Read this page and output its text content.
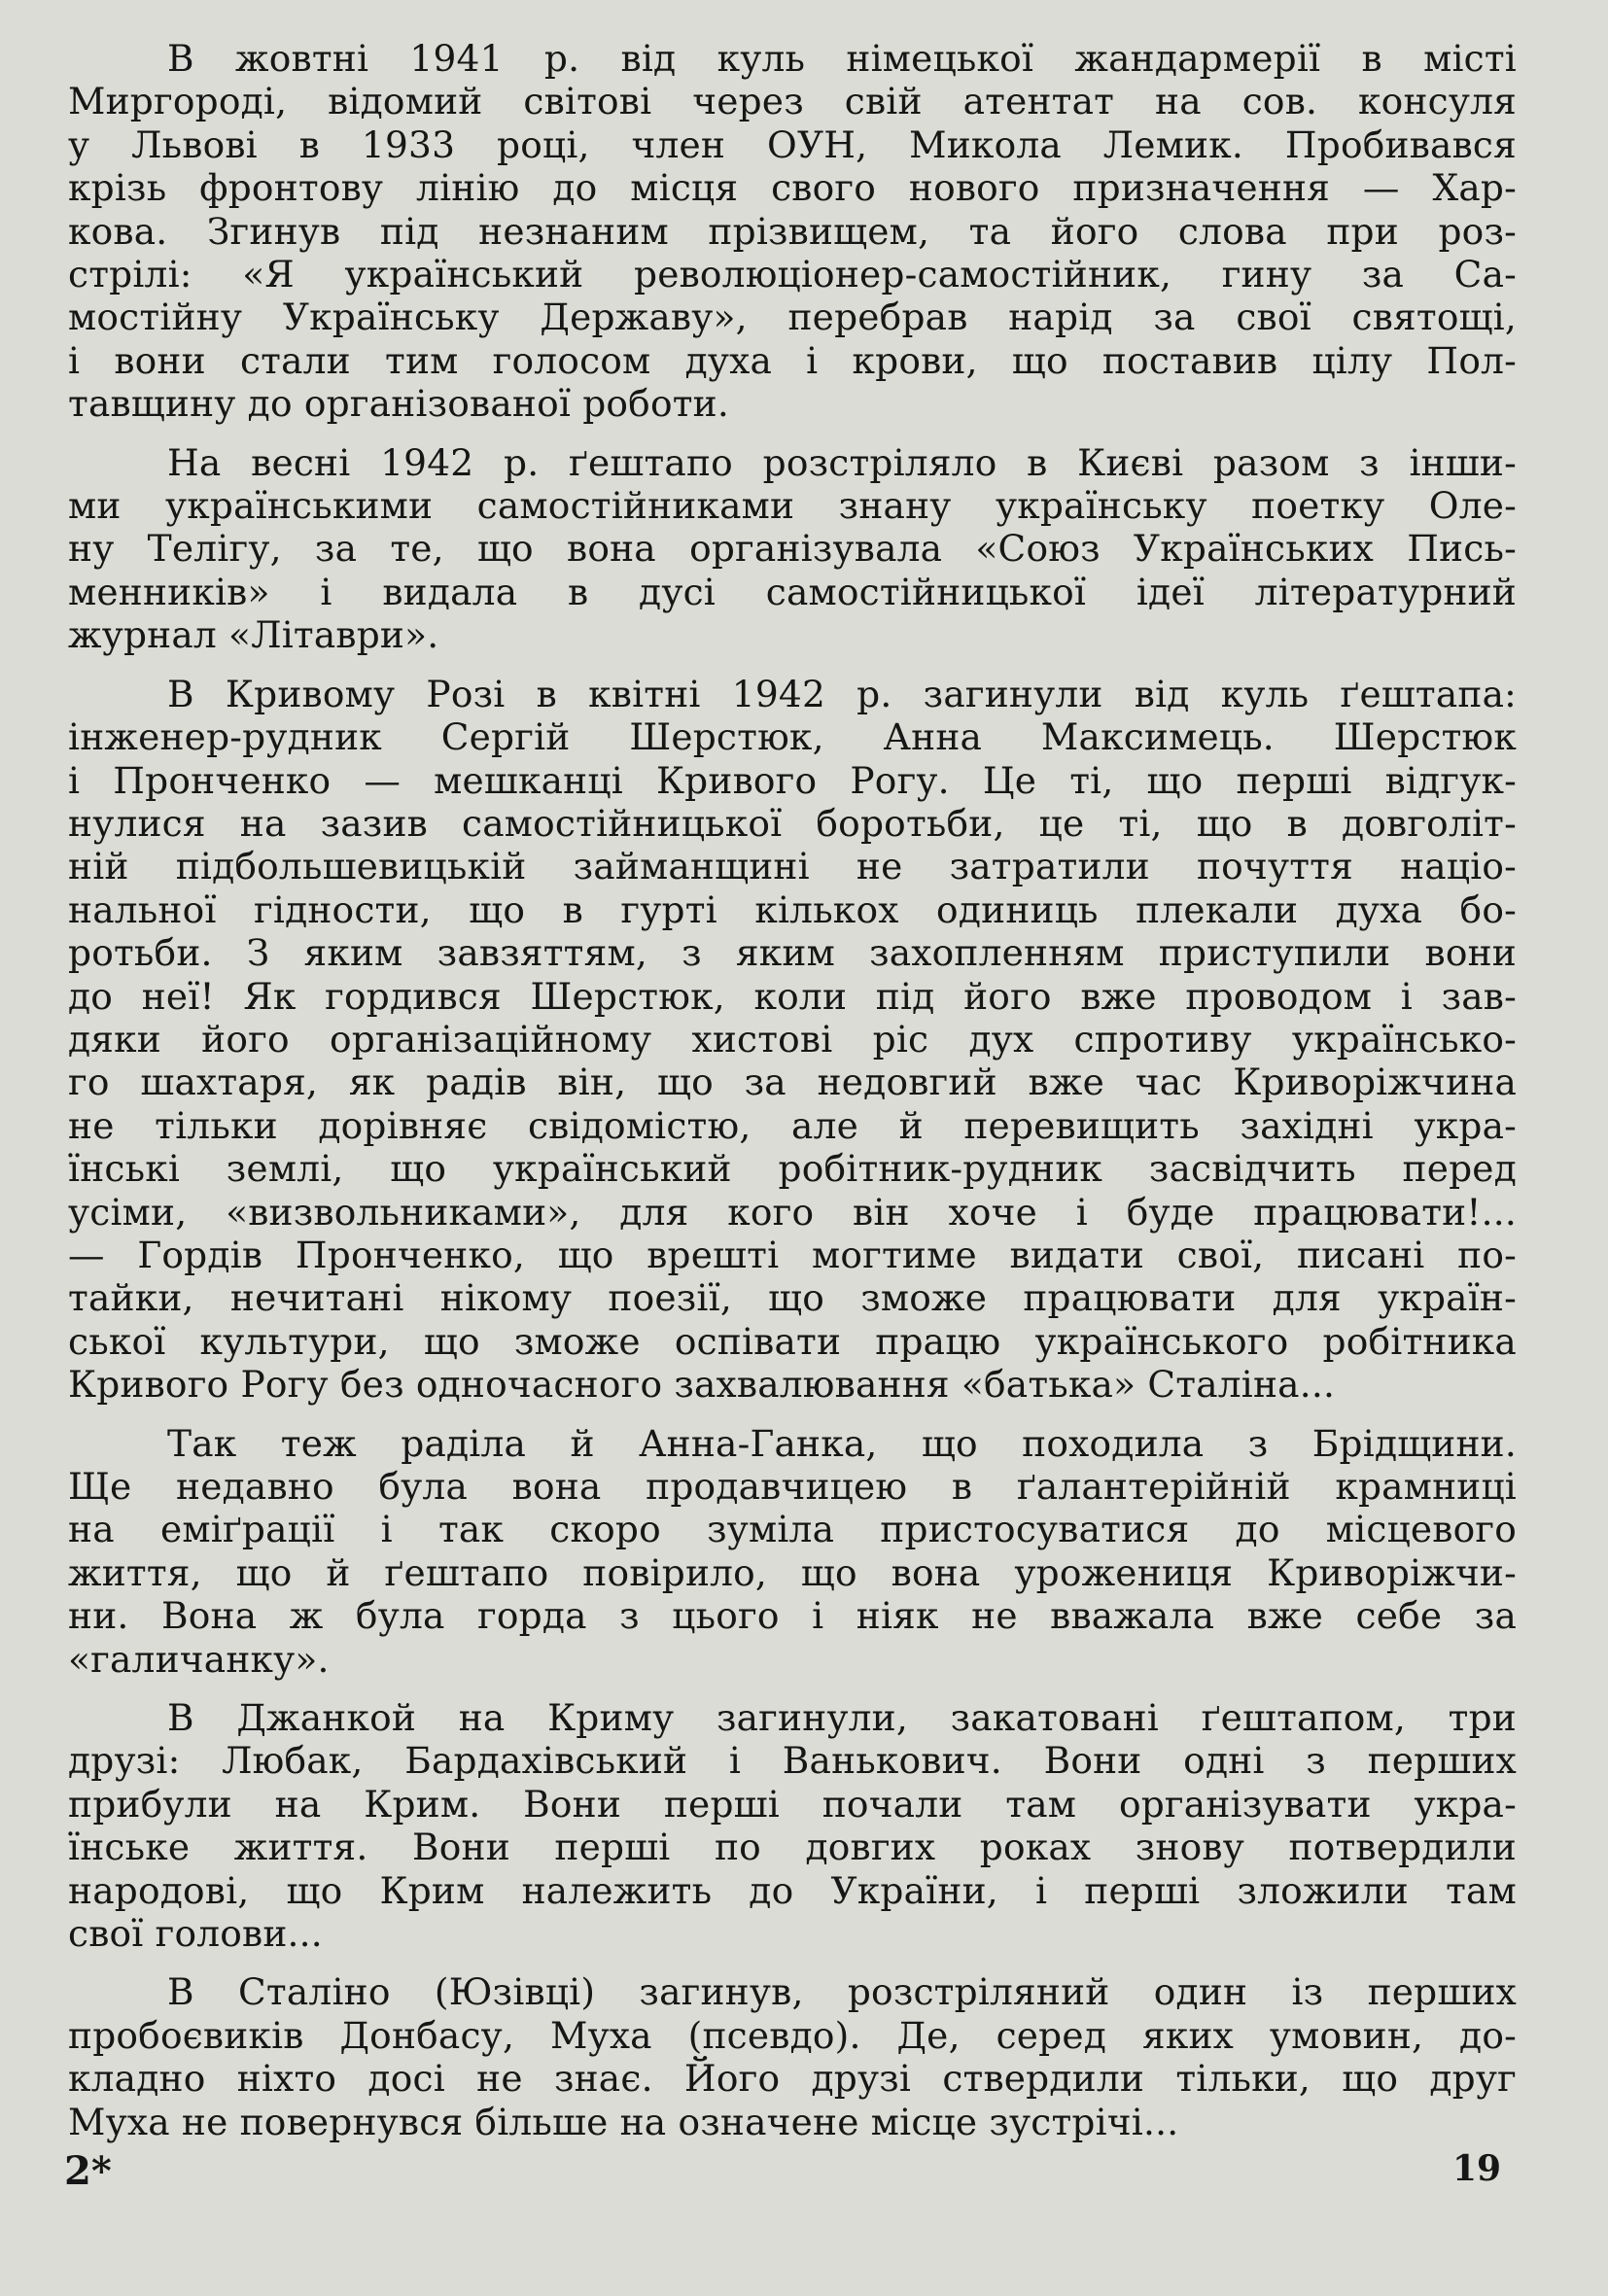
В жовтні 1941 р. від куль німецької жандармерії в місті
Миргороді, відомий світові через свій атентат на сов. консуля
у Львові в 1933 році, член ОУН, Микола Лемик. Пробивався
крізь фронтову лінію до місця свого нового призначення — Хар-
кова. Згинув під незнаним прізвищем, та його слова при роз-
стрілі: «Я український революціонер-самостійник, гину за Са-
мостійну Українську Державу», перебрав нарід за свої святощі,
і вони стали тим голосом духа і крови, що поставив цілу Пол-
тавщину до організованої роботи.

На весні 1942 р. ґештапо розстріляло в Києві разом з інши-
ми українськими самостійниками знану українську поетку Оле-
ну Телігу, за те, що вона організувала «Союз Українських Пись-
менників» і видала в дусі самостійницької ідеї літературний
журнал «Літаври».

В Кривому Розі в квітні 1942 р. загинули від куль ґештапа:
інженер-рудник Сергій Шерстюк, Анна Максимець. Шерстюк
і Пронченко — мешканці Кривого Рогу. Це ті, що перші відгук-
нулися на зазив самостійницької боротьби, це ті, що в довголіт-
ній підбольшевицькій займанщині не затратили почуття націо-
нальної гідности, що в гурті кількох одиниць плекали духа бо-
ротьби. З яким завзяттям, з яким захопленням приступили вони
до неї! Як гордився Шерстюк, коли під його вже проводом і зав-
дяки його організаційному хистові ріс дух спротиву українсько-
го шахтаря, як радів він, що за недовгий вже час Криворіжчина
не тільки дорівняє свідомістю, але й перевищить західні укра-
їнські землі, що український робітник-рудник засвідчить перед
усіми, «визвольниками», для кого він хоче і буде працювати!...
— Гордів Пронченко, що врешті могтиме видати свої, писані по-
тайки, нечитані нікому поезії, що зможе працювати для україн-
ської культури, що зможе оспівати працю українського робітника
Кривого Рогу без одночасного захвалювання «батька» Сталіна...

Так теж раділа й Анна-Ганка, що походила з Брідщини.
Ще недавно була вона продавчицею в ґалантерійній крамниці
на еміґрації і так скоро зуміла пристосуватися до місцевого
життя, що й ґештапо повірило, що вона урожениця Криворіжчи-
ни. Вона ж була горда з цього і ніяк не вважала вже себе за
«галичанку».

В Джанкой на Криму загинули, закатовані ґештапом, три
друзі: Любак, Бардахівський і Ванькович. Вони одні з перших
прибули на Крим. Вони перші почали там організувати укра-
їнське життя. Вони перші по довгих роках знову потвердили
народові, що Крим належить до України, і перші зложили там
свої голови...

В Сталіно (Юзівці) загинув, розстріляний один із перших
пробоєвиків Донбасу, Муха (псевдо). Де, серед яких умовин, до-
кладно ніхто досі не знає. Його друзі ствердили тільки, що друг
Муха не повернувся більше на означене місце зустрічі...

2*	19
